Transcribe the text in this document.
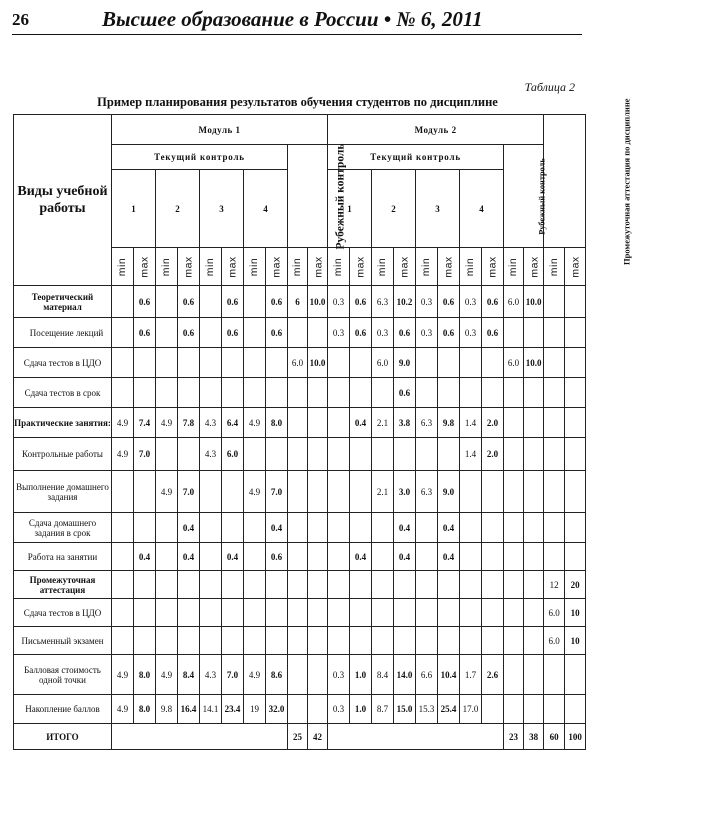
26	Высшее образование в России • № 6, 2011
Таблица 2
Пример планирования результатов обучения студентов по дисциплине
Виды учебной работы	Модуль 1										Модуль 2										Промежуточная аттестация по дисциплине	
	Текущий контроль								Рубежный контроль		Текущий контроль								Рубежный контроль			
	1		2		3		4				1		2		3		4					
	min	max	min	max	min	max	min	max	min	max	min	max	min	max	min	max	min	max	min	max	min	max
Теоретический материал		0.6		0.6		0.6		0.6	6	10.0	0.3	0.6	6.3	10.2	0.3	0.6	0.3	0.6	6.0	10.0		
Посещение лекций		0.6		0.6		0.6		0.6			0.3	0.6	0.3	0.6	0.3	0.6	0.3	0.6				
Сдача тестов в ЦДО									6.0	10.0			6.0	9.0					6.0	10.0		
Сдача тестов в срок														0.6								
Практические занятия:	4.9	7.4	4.9	7.8	4.3	6.4	4.9	8.0				0.4	2.1	3.8	6.3	9.8	1.4	2.0				
Контрольные работы	4.9	7.0			4.3	6.0											1.4	2.0				
Выполнение домашнего задания			4.9	7.0			4.9	7.0					2.1	3.0	6.3	9.0						
Сдача домашнего задания в срок				0.4				0.4						0.4		0.4						
Работа на занятии		0.4		0.4		0.4		0.6				0.4		0.4		0.4						
Промежуточная аттестация																					12	20
Сдача тестов в ЦДО																					6.0	10
Письменный экзамен																					6.0	10
Балловая стоимость одной точки	4.9	8.0	4.9	8.4	4.3	7.0	4.9	8.6			0.3	1.0	8.4	14.0	6.6	10.4	1.7	2.6				
Накопление баллов	4.9	8.0	9.8	16.4	14.1	23.4	19	32.0			0.3	1.0	8.7	15.0	15.3	25.4	17.0					
ИТОГО									25	42									23	38	60	100
